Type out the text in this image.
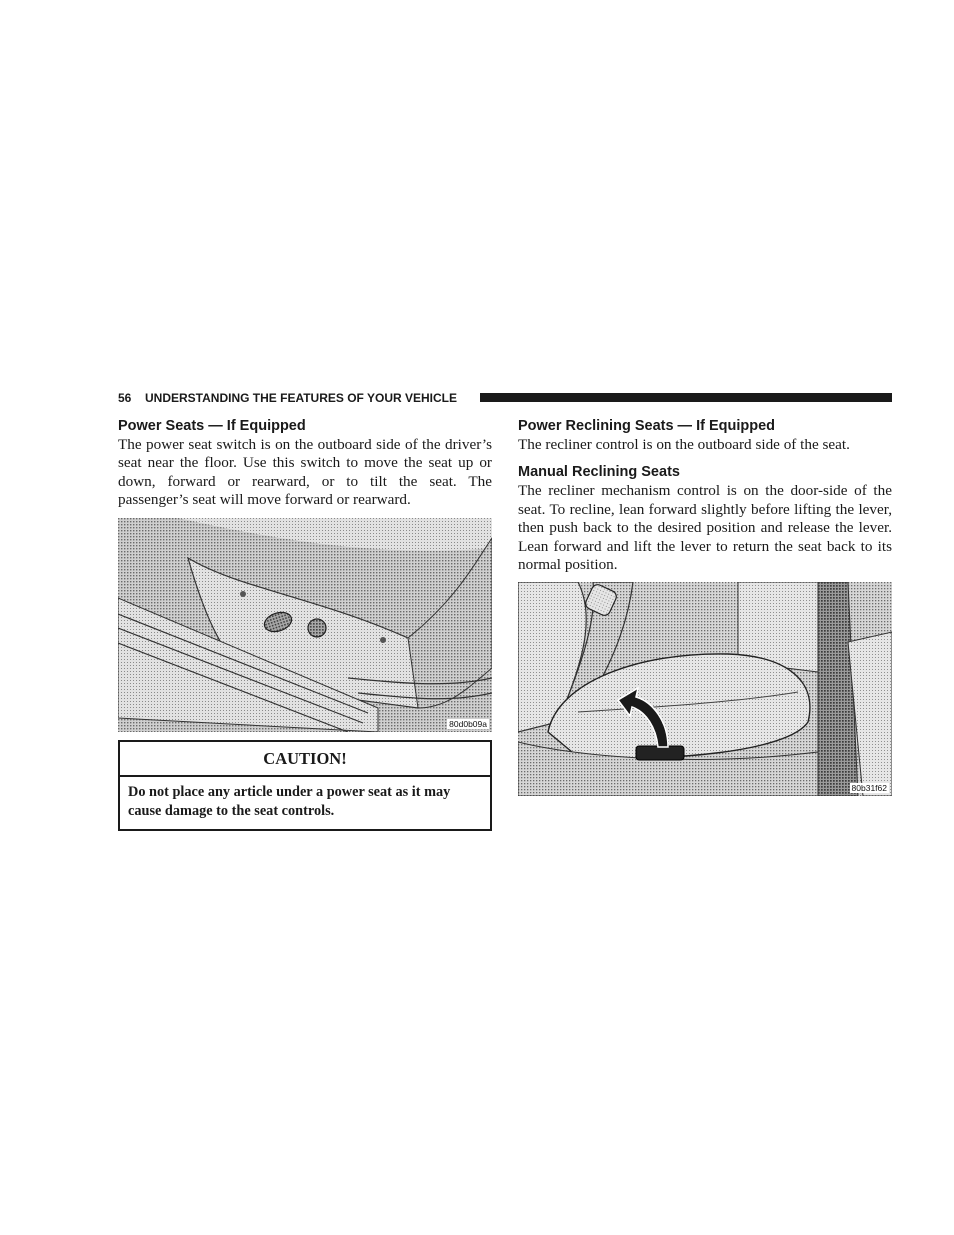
56 UNDERSTANDING THE FEATURES OF YOUR VEHICLE
Power Seats — If Equipped

The power seat switch is on the outboard side of the driver’s seat near the floor. Use this switch to move the seat up or down, forward or rearward, or to tilt the seat. The passenger’s seat will move forward or rearward.

80d0b09a
CAUTION!
Do not place any article under a power seat as it may cause damage to the seat controls.
Power Reclining Seats — If Equipped

The recliner control is on the outboard side of the seat.

Manual Reclining Seats

The recliner mechanism control is on the door-side of the seat. To recline, lean forward slightly before lifting the lever, then push back to the desired position and release the lever. Lean forward and lift the lever to return the seat back to its normal position.

80b31f62
